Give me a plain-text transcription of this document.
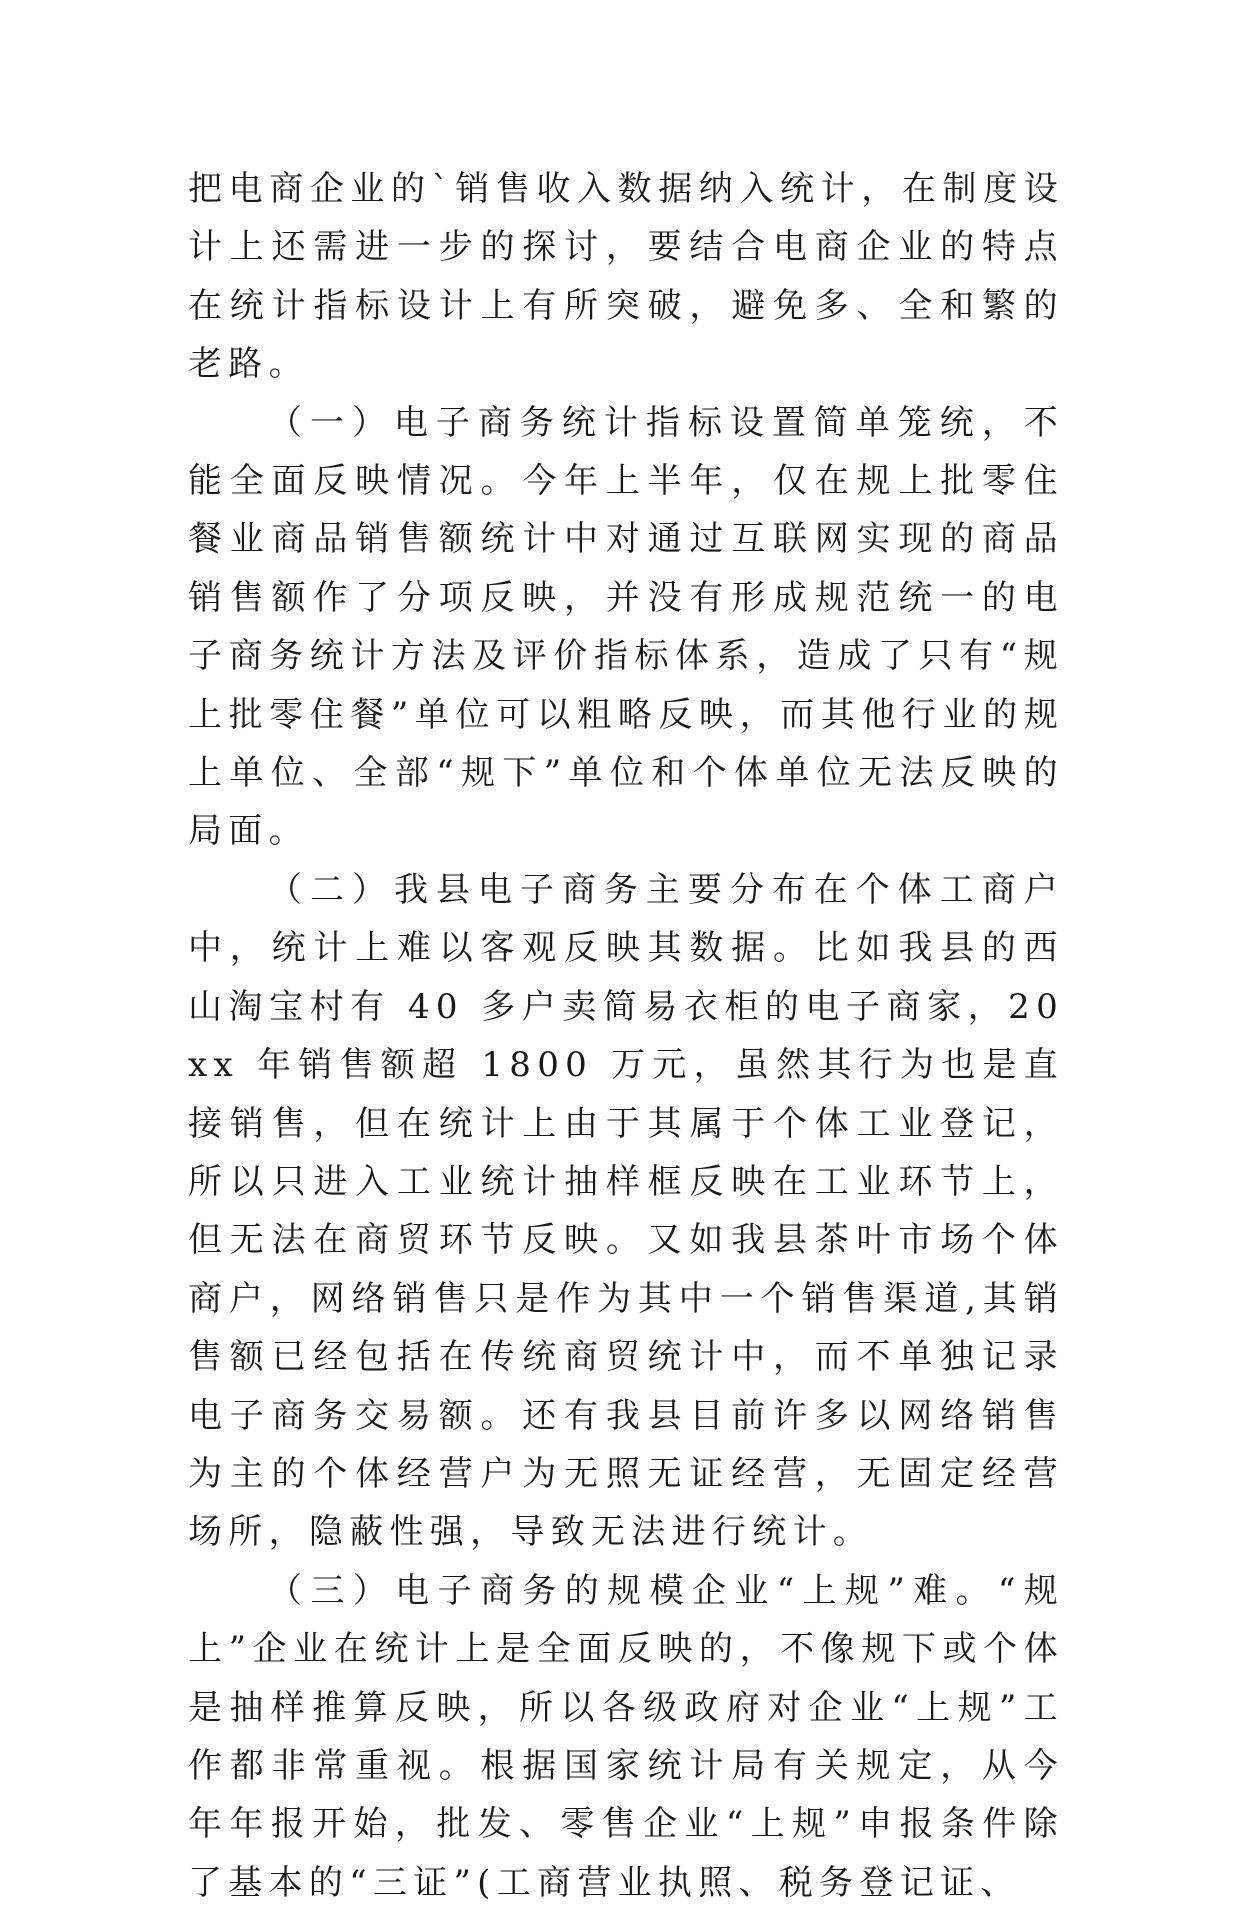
把电商企业的`销售收入数据纳入统计，在制度设计上还需进一步的探讨，要结合电商企业的特点在统计指标设计上有所突破，避免多、全和繁的老路。

（一）电子商务统计指标设置简单笼统，不能全面反映情况。今年上半年，仅在规上批零住餐业商品销售额统计中对通过互联网实现的商品销售额作了分项反映，并没有形成规范统一的电子商务统计方法及评价指标体系，造成了只有“规上批零住餐”单位可以粗略反映，而其他行业的规上单位、全部“规下”单位和个体单位无法反映的局面。

（二）我县电子商务主要分布在个体工商户中，统计上难以客观反映其数据。比如我县的西山淘宝村有 40 多户卖简易衣柜的电子商家，20xx 年销售额超 1800 万元，虽然其行为也是直接销售，但在统计上由于其属于个体工业登记，所以只进入工业统计抽样框反映在工业环节上，但无法在商贸环节反映。又如我县茶叶市场个体商户，网络销售只是作为其中一个销售渠道,其销售额已经包括在传统商贸统计中，而不单独记录电子商务交易额。还有我县目前许多以网络销售为主的个体经营户为无照无证经营，无固定经营场所，隐蔽性强，导致无法进行统计。

（三）电子商务的规模企业“上规”难。“规上”企业在统计上是全面反映的，不像规下或个体是抽样推算反映，所以各级政府对企业“上规”工作都非常重视。根据国家统计局有关规定，从今年年报开始，批发、零售企业“上规”申报条件除了基本的“三证”(工商营业执照、税务登记证、
